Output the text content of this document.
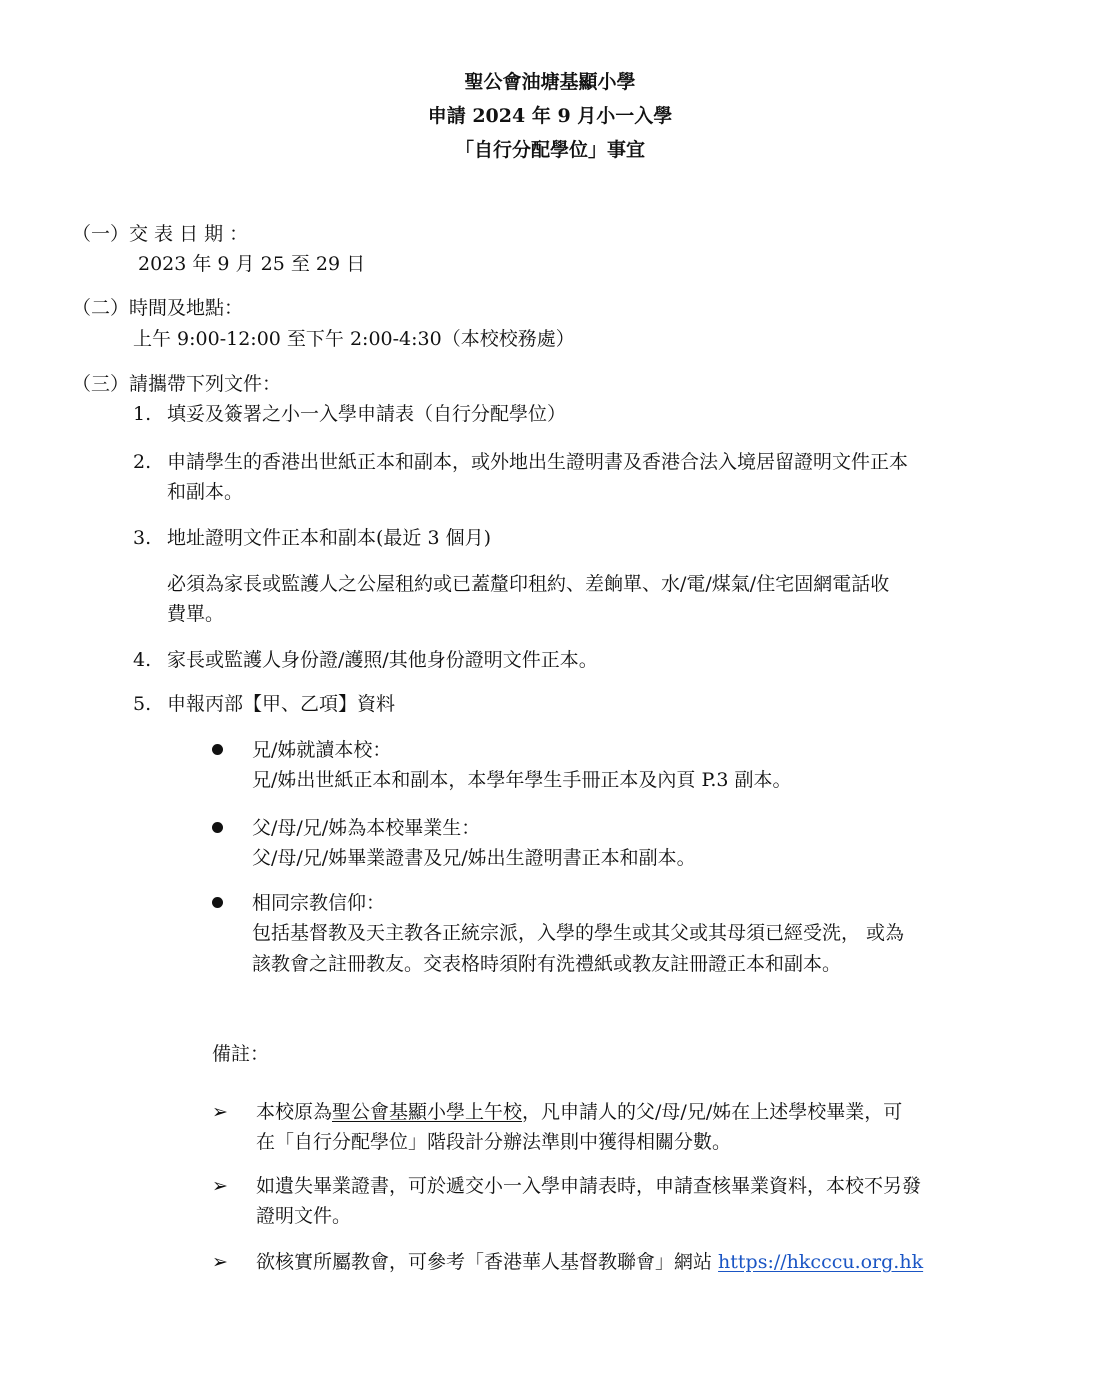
聖公會油塘基顯小學

申請 2024 年 9 月小一入學

「自行分配學位」事宜

（一）交 表 日 期 ：

2023 年 9 月 25 至 29 日

（二）時間及地點：

上午 9:00-12:00 至下午 2:00-4:30（本校校務處）

（三）請攜帶下列文件：

1. 填妥及簽署之小一入學申請表（自行分配學位）

2. 申請學生的香港出世紙正本和副本，或外地出生證明書及香港合法入境居留證明文件正本

和副本。

3. 地址證明文件正本和副本(最近 3 個月)

必須為家長或監護人之公屋租約或已蓋釐印租約、差餉單、水/電/煤氣/住宅固網電話收

費單。

4. 家長或監護人身份證/護照/其他身份證明文件正本。

5. 申報丙部【甲、乙項】資料

兄/姊就讀本校：

兄/姊出世紙正本和副本，本學年學生手冊正本及內頁 P.3 副本。

父/母/兄/姊為本校畢業生：

父/母/兄/姊畢業證書及兄/姊出生證明書正本和副本。

相同宗教信仰：

包括基督教及天主教各正統宗派，入學的學生或其父或其母須已經受洗， 或為

該教會之註冊教友。交表格時須附有洗禮紙或教友註冊證正本和副本。

備註：

➢ 本校原為聖公會基顯小學上午校，凡申請人的父/母/兄/姊在上述學校畢業，可

在「自行分配學位」階段計分辦法準則中獲得相關分數。

➢ 如遺失畢業證書，可於遞交小一入學申請表時，申請查核畢業資料，本校不另發

證明文件。

➢ 欲核實所屬教會，可參考「香港華人基督教聯會」網站 https://hkcccu.org.hk
